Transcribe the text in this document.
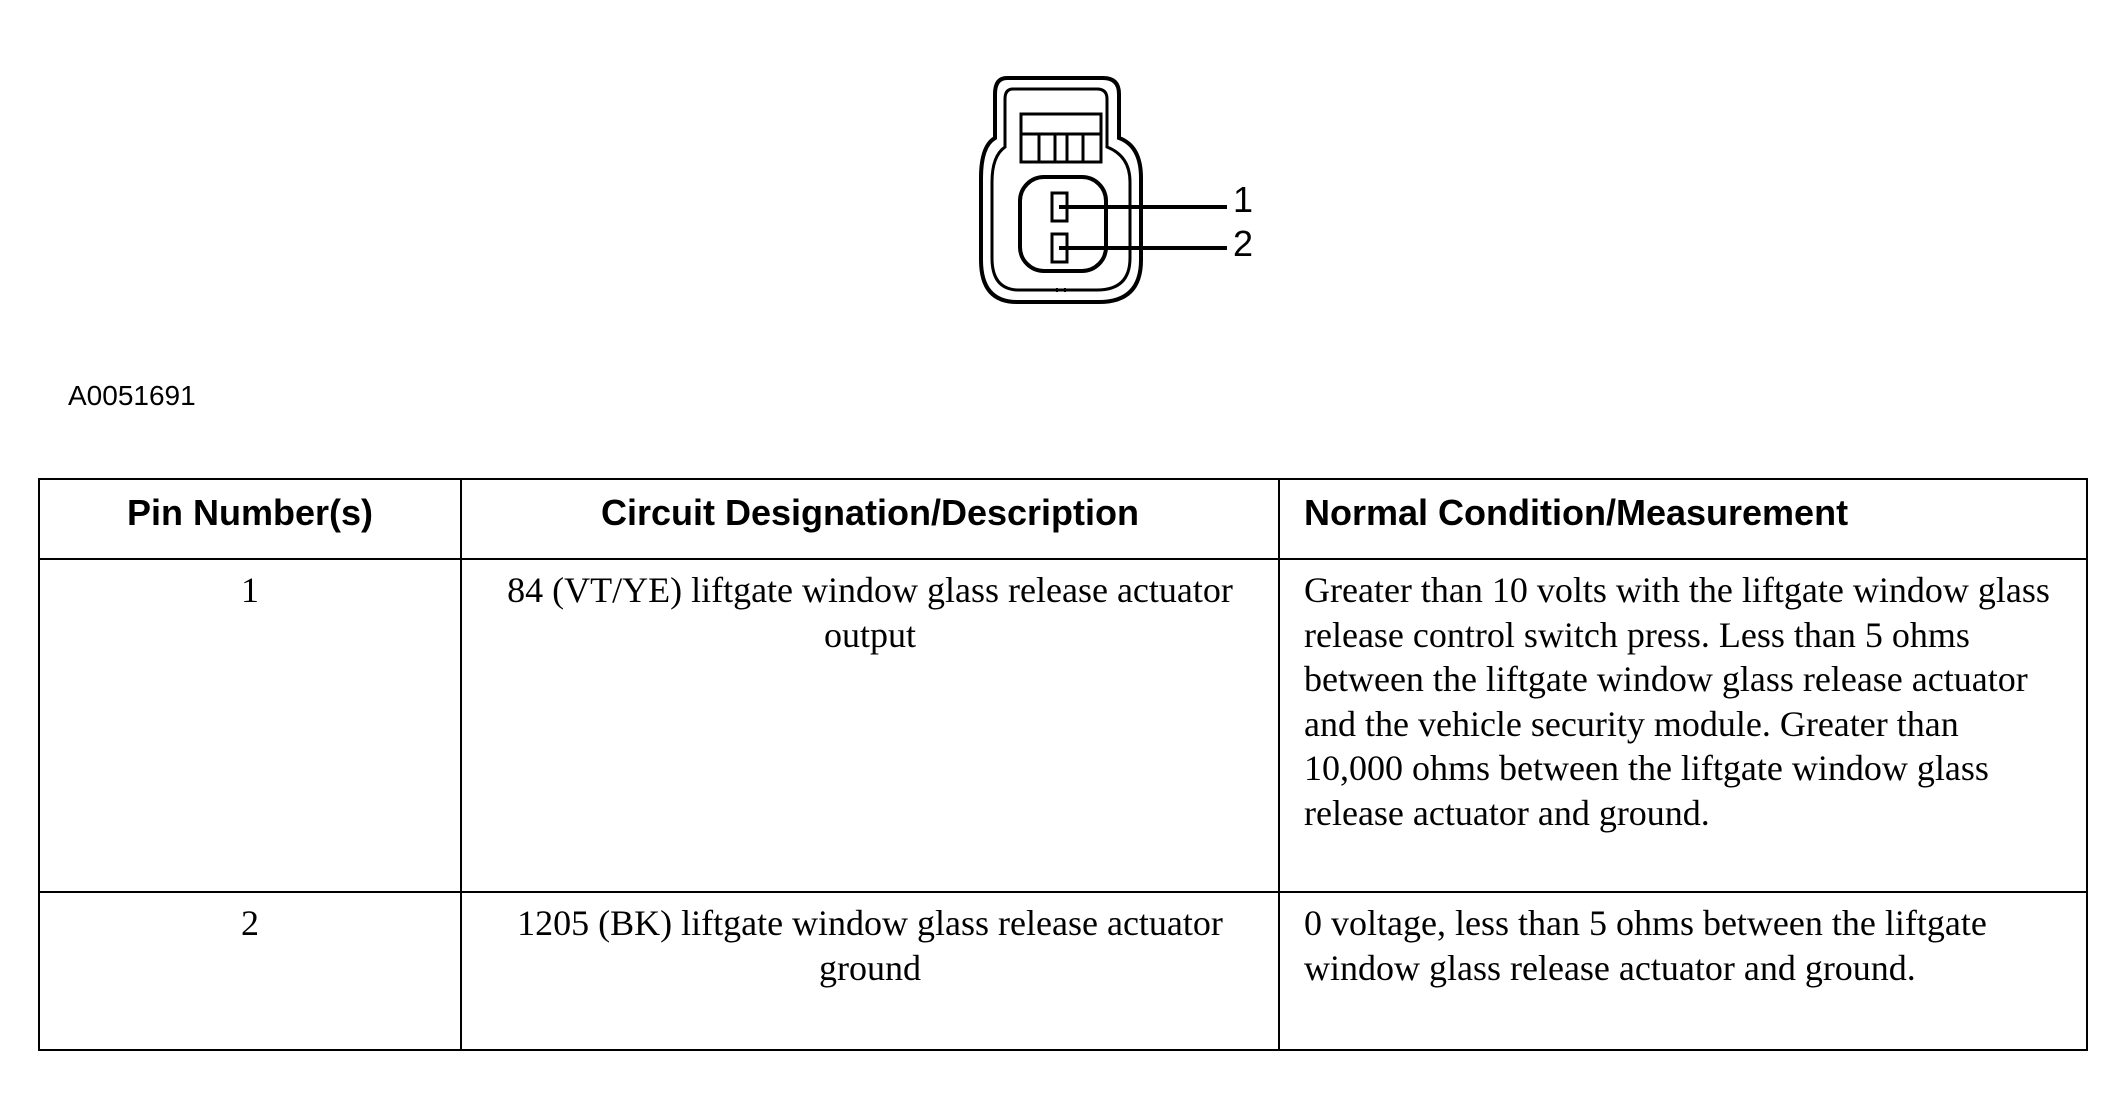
1
2
A0051691
Pin Number(s)	Circuit Designation/Description	Normal Condition/Measurement
1	84 (VT/YE) liftgate window glass release actuator output	Greater than 10 volts with the liftgate window glass release control switch press. Less than 5 ohms between the liftgate window glass release actuator and the vehicle security module. Greater than 10,000 ohms between the liftgate window glass release actuator and ground.
2	1205 (BK) liftgate window glass release actuator ground	0 voltage, less than 5 ohms between the liftgate window glass release actuator and ground.
